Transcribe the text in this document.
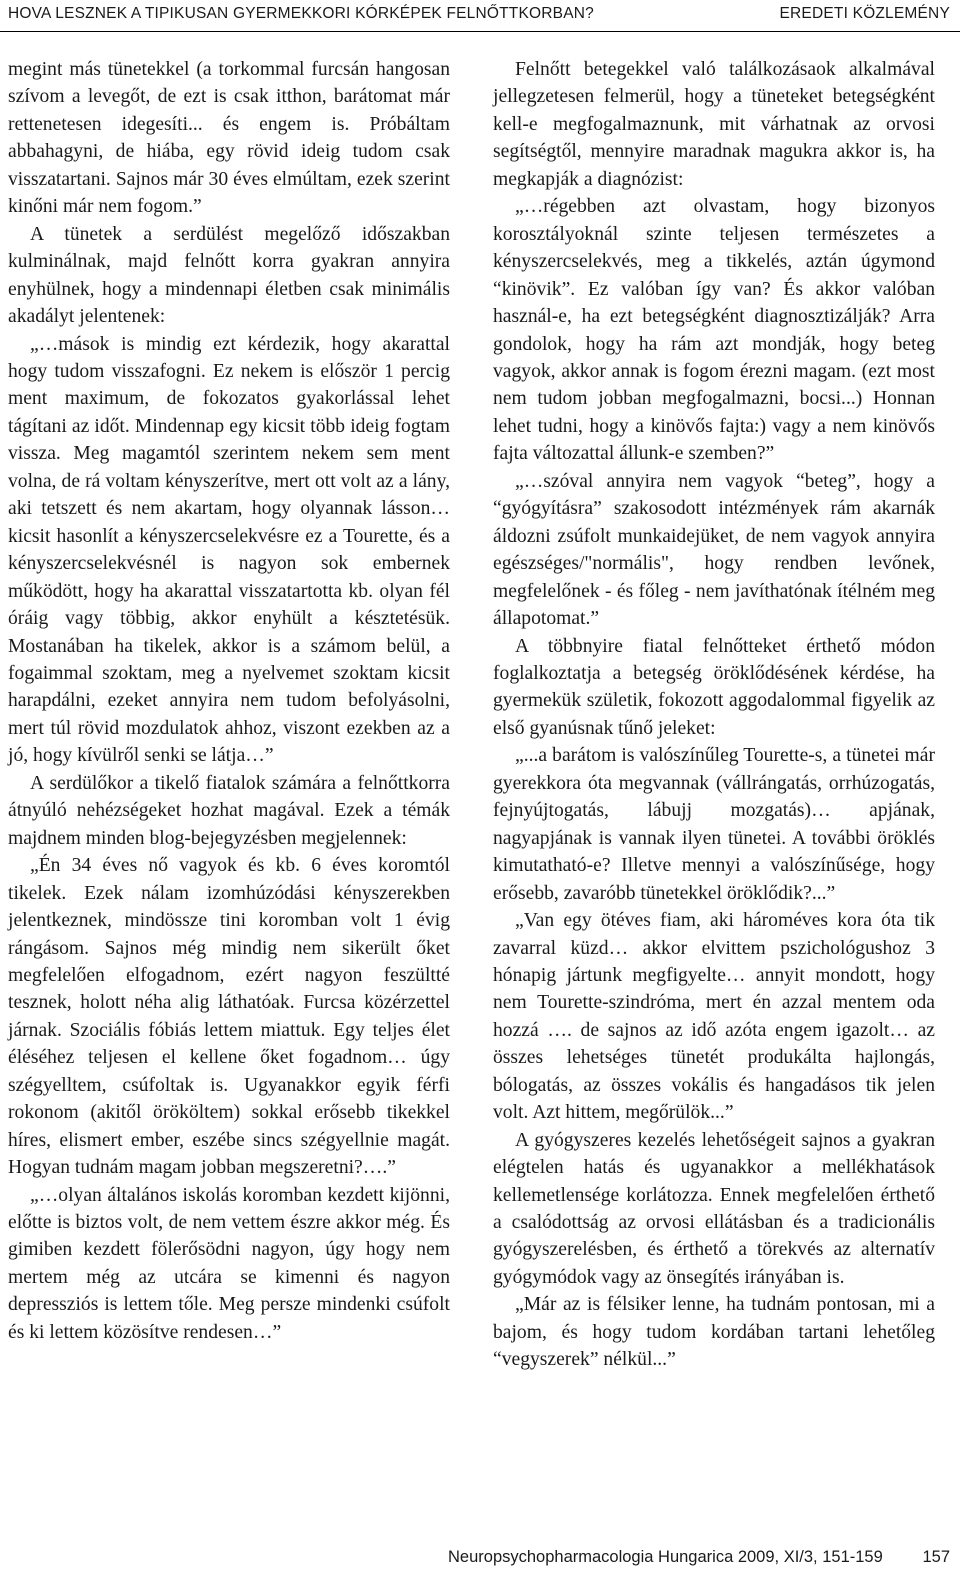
HOVA LESZNEK A TIPIKUSAN GYERMEKKORI KÓRKÉPEK FELNŐTTKORBAN?	EREDETI KÖZLEMÉNY

megint más tünetekkel (a torkommal furcsán hangosan szívom a levegőt, de ezt is csak itthon, barátomat már rettenetesen idegesíti... és engem is. Próbáltam abbahagyni, de hiába, egy rövid ideig tudom csak visszatartani. Sajnos már 30 éves elmúltam, ezek szerint kinőni már nem fogom.”

A tünetek a serdülést megelőző időszakban kulminálnak, majd felnőtt korra gyakran annyira enyhülnek, hogy a mindennapi életben csak minimális akadályt jelentenek:

„…mások is mindig ezt kérdezik, hogy akarattal hogy tudom visszafogni. Ez nekem is először 1 percig ment maximum, de fokozatos gyakorlással lehet tágítani az időt. Mindennap egy kicsit több ideig fogtam vissza. Meg magamtól szerintem nekem sem ment volna, de rá voltam kényszerítve, mert ott volt az a lány, aki tetszett és nem akartam, hogy olyannak lásson… kicsit hasonlít a kényszercselekvésre ez a Tourette, és a kényszercselekvésnél is nagyon sok embernek működött, hogy ha akarattal visszatartotta kb. olyan fél óráig vagy többig, akkor enyhült a késztetésük. Mostanában ha tikelek, akkor is a számom belül, a fogaimmal szoktam, meg a nyelvemet szoktam kicsit harapdálni, ezeket annyira nem tudom befolyásolni, mert túl rövid mozdulatok ahhoz, viszont ezekben az a jó, hogy kívülről senki se látja…”

A serdülőkor a tikelő fiatalok számára a felnőttkorra átnyúló nehézségeket hozhat magával. Ezek a témák majdnem minden blog-bejegyzésben megjelennek:

„Én 34 éves nő vagyok és kb. 6 éves koromtól tikelek. Ezek nálam izomhúzódási kényszerekben jelentkeznek, mindössze tini koromban volt 1 évig rángásom. Sajnos még mindig nem sikerült őket megfelelően elfogadnom, ezért nagyon feszültté tesznek, holott néha alig láthatóak. Furcsa közérzettel járnak. Szociális fóbiás lettem miattuk. Egy teljes élet éléséhez teljesen el kellene őket fogadnom… úgy szégyelltem, csúfoltak is. Ugyanakkor egyik férfi rokonom (akitől örököltem) sokkal erősebb tikekkel híres, elismert ember, eszébe sincs szégyellnie magát. Hogyan tudnám magam jobban megszeretni?….”

„…olyan általános iskolás koromban kezdett kijönni, előtte is biztos volt, de nem vettem észre akkor még. És gimiben kezdett fölerősödni nagyon, úgy hogy nem mertem még az utcára se kimenni és nagyon depressziós is lettem tőle. Meg persze mindenki csúfolt és ki lettem közösítve rendesen…”

Felnőtt betegekkel való találkozásaok alkalmával jellegzetesen felmerül, hogy a tüneteket betegségként kell-e megfogalmaznunk, mit várhatnak az orvosi segítségtől, mennyire maradnak magukra akkor is, ha megkapják a diagnózist:

„…régebben azt olvastam, hogy bizonyos korosztályoknál szinte teljesen természetes a kényszercselekvés, meg a tikkelés, aztán úgymond “kinövik”. Ez valóban így van? És akkor valóban használ-e, ha ezt betegségként diagnosztizálják? Arra gondolok, hogy ha rám azt mondják, hogy beteg vagyok, akkor annak is fogom érezni magam. (ezt most nem tudom jobban megfogalmazni, bocsi...) Honnan lehet tudni, hogy a kinövős fajta:) vagy a nem kinövős fajta változattal állunk-e szemben?”

„…szóval annyira nem vagyok “beteg”, hogy a “gyógyításra” szakosodott intézmények rám akarnák áldozni zsúfolt munkaidejüket, de nem vagyok annyira egészséges/"normális", hogy rendben levőnek, megfelelőnek - és főleg - nem javíthatónak ítélném meg állapotomat.”

A többnyire fiatal felnőtteket érthető módon foglalkoztatja a betegség öröklődésének kérdése, ha gyermekük születik, fokozott aggodalommal figyelik az első gyanúsnak tűnő jeleket:

„...a barátom is valószínűleg Tourette-s, a tünetei már gyerekkora óta megvannak (vállrángatás, orrhúzogatás, fejnyújtogatás, lábujj mozgatás)… apjának, nagyapjának is vannak ilyen tünetei. A további öröklés kimutatható-e? Illetve mennyi a valószínűsége, hogy erősebb, zavaróbb tünetekkel öröklődik?...”

„Van egy ötéves fiam, aki hároméves kora óta tik zavarral küzd… akkor elvittem pszichológushoz 3 hónapig jártunk megfigyelte… annyit mondott, hogy nem Tourette-szindróma, mert én azzal mentem oda hozzá …. de sajnos az idő azóta engem igazolt… az összes lehetséges tünetét produkálta hajlongás, bólogatás, az összes vokális és hangadásos tik jelen volt. Azt hittem, megőrülök...”

A gyógyszeres kezelés lehetőségeit sajnos a gyakran elégtelen hatás és ugyanakkor a mellékhatások kellemetlensége korlátozza. Ennek megfelelően érthető a csalódottság az orvosi ellátásban és a tradicionális gyógyszerelésben, és érthető a törekvés az alternatív gyógymódok vagy az önsegítés irányában is.

„Már az is félsiker lenne, ha tudnám pontosan, mi a bajom, és hogy tudom kordában tartani lehetőleg “vegyszerek” nélkül...”

Neuropsychopharmacologia Hungarica 2009, XI/3, 151-159 157
